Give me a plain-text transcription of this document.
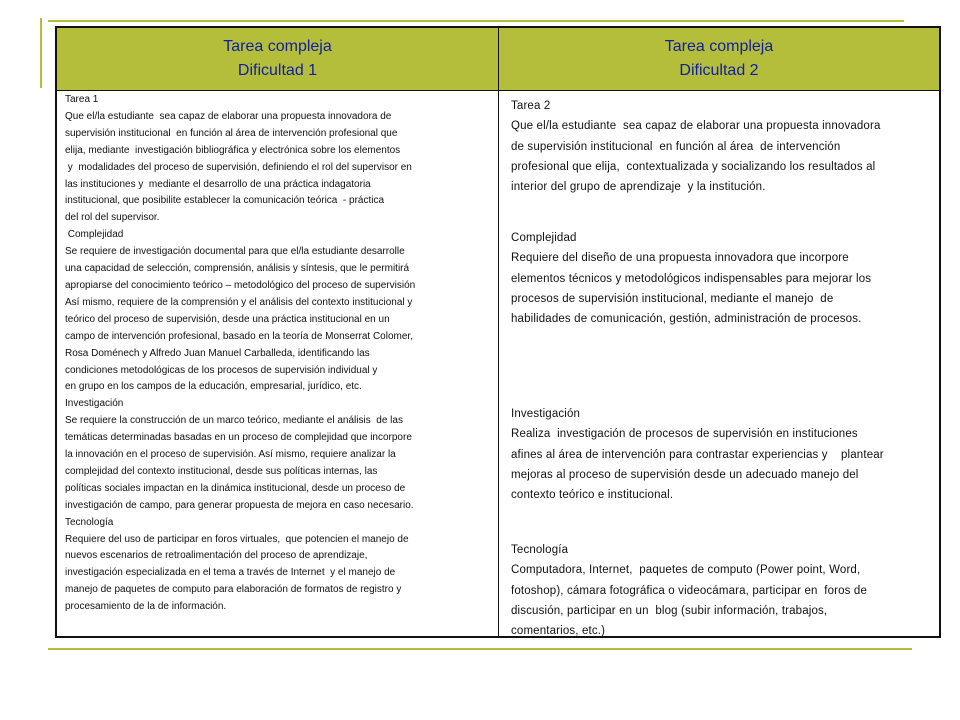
Tarea compleja
Dificultad 1
Tarea compleja
Dificultad 2
Tarea 1
Que el/la estudiante  sea capaz de elaborar una propuesta innovadora de
supervisión institucional  en función al área de intervención profesional que
elija, mediante  investigación bibliográfica y electrónica sobre los elementos
y  modalidades del proceso de supervisión, definiendo el rol del supervisor en
las instituciones y  mediante el desarrollo de una práctica indagatoria
institucional, que posibilite establecer la comunicación teórica  - práctica
del rol del supervisor.
Complejidad
Se requiere de investigación documental para que el/la estudiante desarrolle
una capacidad de selección, comprensión, análisis y síntesis, que le permitirá
apropiarse del conocimiento teórico – metodológico del proceso de supervisión
Así mismo, requiere de la comprensión y el análisis del contexto institucional y
teórico del proceso de supervisión, desde una práctica institucional en un
campo de intervención profesional, basado en la teoría de Monserrat Colomer,
Rosa Doménech y Alfredo Juan Manuel Carballeda, identificando las
condiciones metodológicas de los procesos de supervisión individual y
en grupo en los campos de la educación, empresarial, jurídico, etc.
Investigación
Se requiere la construcción de un marco teórico, mediante el análisis  de las
temáticas determinadas basadas en un proceso de complejidad que incorpore
la innovación en el proceso de supervisión. Así mismo, requiere analizar la
complejidad del contexto institucional, desde sus políticas internas, las
políticas sociales impactan en la dinámica institucional, desde un proceso de
investigación de campo, para generar propuesta de mejora en caso necesario.
Tecnología
Requiere del uso de participar en foros virtuales,  que potencien el manejo de
nuevos escenarios de retroalimentación del proceso de aprendizaje,
investigación especializada en el tema a través de Internet  y el manejo de
manejo de paquetes de computo para elaboración de formatos de registro y
procesamiento de la de información.
Tarea 2
Que el/la estudiante  sea capaz de elaborar una propuesta innovadora
de supervisión institucional  en función al área  de intervención
profesional que elija,  contextualizada y socializando los resultados al
interior del grupo de aprendizaje  y la institución.
Complejidad
Requiere del diseño de una propuesta innovadora que incorpore
elementos técnicos y metodológicos indispensables para mejorar los
procesos de supervisión institucional, mediante el manejo  de
habilidades de comunicación, gestión, administración de procesos.
Investigación
Realiza  investigación de procesos de supervisión en instituciones
afines al área de intervención para contrastar experiencias y    plantear
mejoras al proceso de supervisión desde un adecuado manejo del
contexto teórico e institucional.
Tecnología
Computadora, Internet,  paquetes de computo (Power point, Word,
fotoshop), cámara fotográfica o videocámara, participar en  foros de
discusión, participar en un  blog (subir información, trabajos,
comentarios, etc.)
